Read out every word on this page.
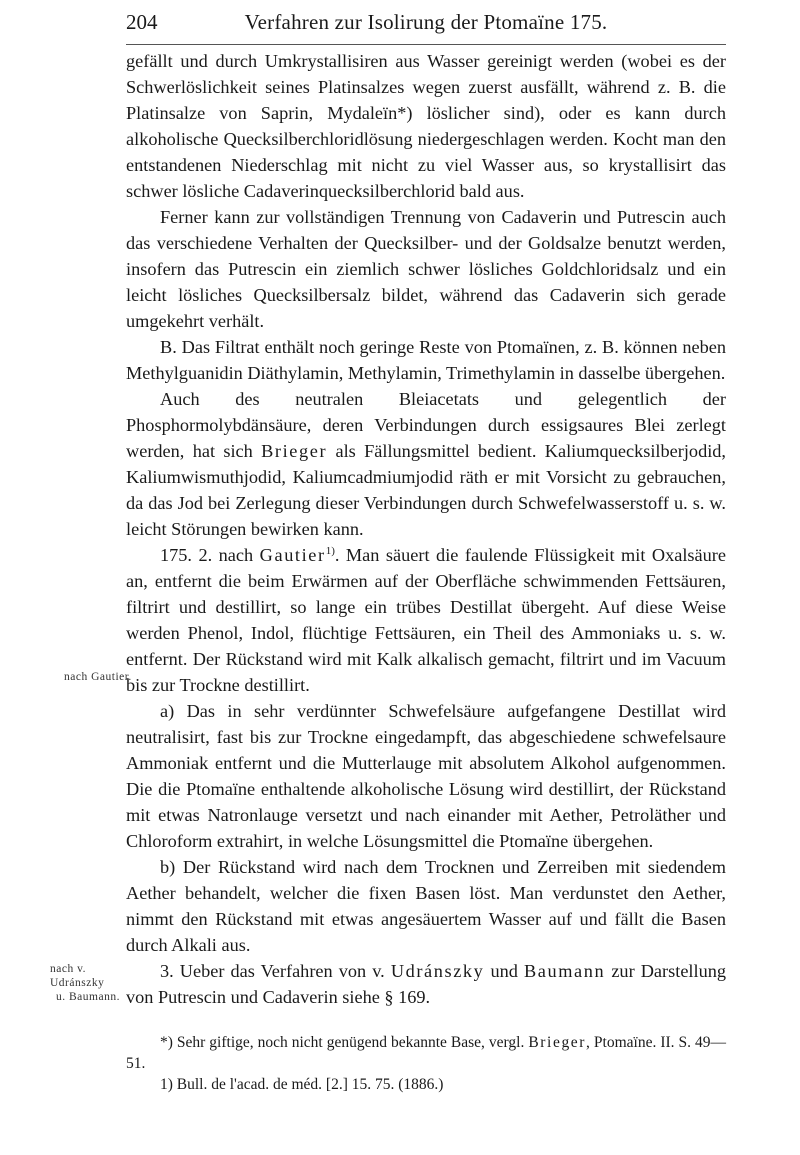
204	Verfahren zur Isolirung der Ptomaïne 175.

gefällt und durch Umkrystallisiren aus Wasser gereinigt werden (wobei es der Schwerlöslichkeit seines Platinsalzes wegen zuerst ausfällt, während z. B. die Platinsalze von Saprin, Mydaleïn*) löslicher sind), oder es kann durch alkoholische Quecksilberchloridlösung niedergeschlagen werden. Kocht man den entstandenen Niederschlag mit nicht zu viel Wasser aus, so krystallisirt das schwer lösliche Cadaverinquecksilberchlorid bald aus.

Ferner kann zur vollständigen Trennung von Cadaverin und Putrescin auch das verschiedene Verhalten der Quecksilber- und der Goldsalze benutzt werden, insofern das Putrescin ein ziemlich schwer lösliches Goldchloridsalz und ein leicht lösliches Quecksilbersalz bildet, während das Cadaverin sich gerade umgekehrt verhält.

B. Das Filtrat enthält noch geringe Reste von Ptomaïnen, z. B. können neben Methylguanidin Diäthylamin, Methylamin, Trimethylamin in dasselbe übergehen.

Auch des neutralen Bleiacetats und gelegentlich der Phosphormolybdänsäure, deren Verbindungen durch essigsaures Blei zerlegt werden, hat sich Brieger als Fällungsmittel bedient. Kaliumquecksilberjodid, Kaliumwismuthjodid, Kaliumcadmiumjodid räth er mit Vorsicht zu gebrauchen, da das Jod bei Zerlegung dieser Verbindungen durch Schwefelwasserstoff u. s. w. leicht Störungen bewirken kann.

175. 2. nach Gautier$^{1)}$. Man säuert die faulende Flüssigkeit mit Oxalsäure an, entfernt die beim Erwärmen auf der Oberfläche schwimmenden Fettsäuren, filtrirt und destillirt, so lange ein trübes Destillat übergeht. Auf diese Weise werden Phenol, Indol, flüchtige Fettsäuren, ein Theil des Ammoniaks u. s. w. entfernt. Der Rückstand wird mit Kalk alkalisch gemacht, filtrirt und im Vacuum bis zur Trockne destillirt.

a) Das in sehr verdünnter Schwefelsäure aufgefangene Destillat wird neutralisirt, fast bis zur Trockne eingedampft, das abgeschiedene schwefelsaure Ammoniak entfernt und die Mutterlauge mit absolutem Alkohol aufgenommen. Die die Ptomaïne enthaltende alkoholische Lösung wird destillirt, der Rückstand mit etwas Natronlauge versetzt und nach einander mit Aether, Petroläther und Chloroform extrahirt, in welche Lösungsmittel die Ptomaïne übergehen.

b) Der Rückstand wird nach dem Trocknen und Zerreiben mit siedendem Aether behandelt, welcher die fixen Basen löst. Man verdunstet den Aether, nimmt den Rückstand mit etwas angesäuertem Wasser auf und fällt die Basen durch Alkali aus.

3. Ueber das Verfahren von v. Udránszky und Baumann zur Darstellung von Putrescin und Cadaverin siehe § 169.

nach Gautier.
nach v. Udránszky
u. Baumann.

*) Sehr giftige, noch nicht genügend bekannte Base, vergl. Brieger, Ptomaïne. II. S. 49—51.

1) Bull. de l'acad. de méd. [2.] 15. 75. (1886.)
